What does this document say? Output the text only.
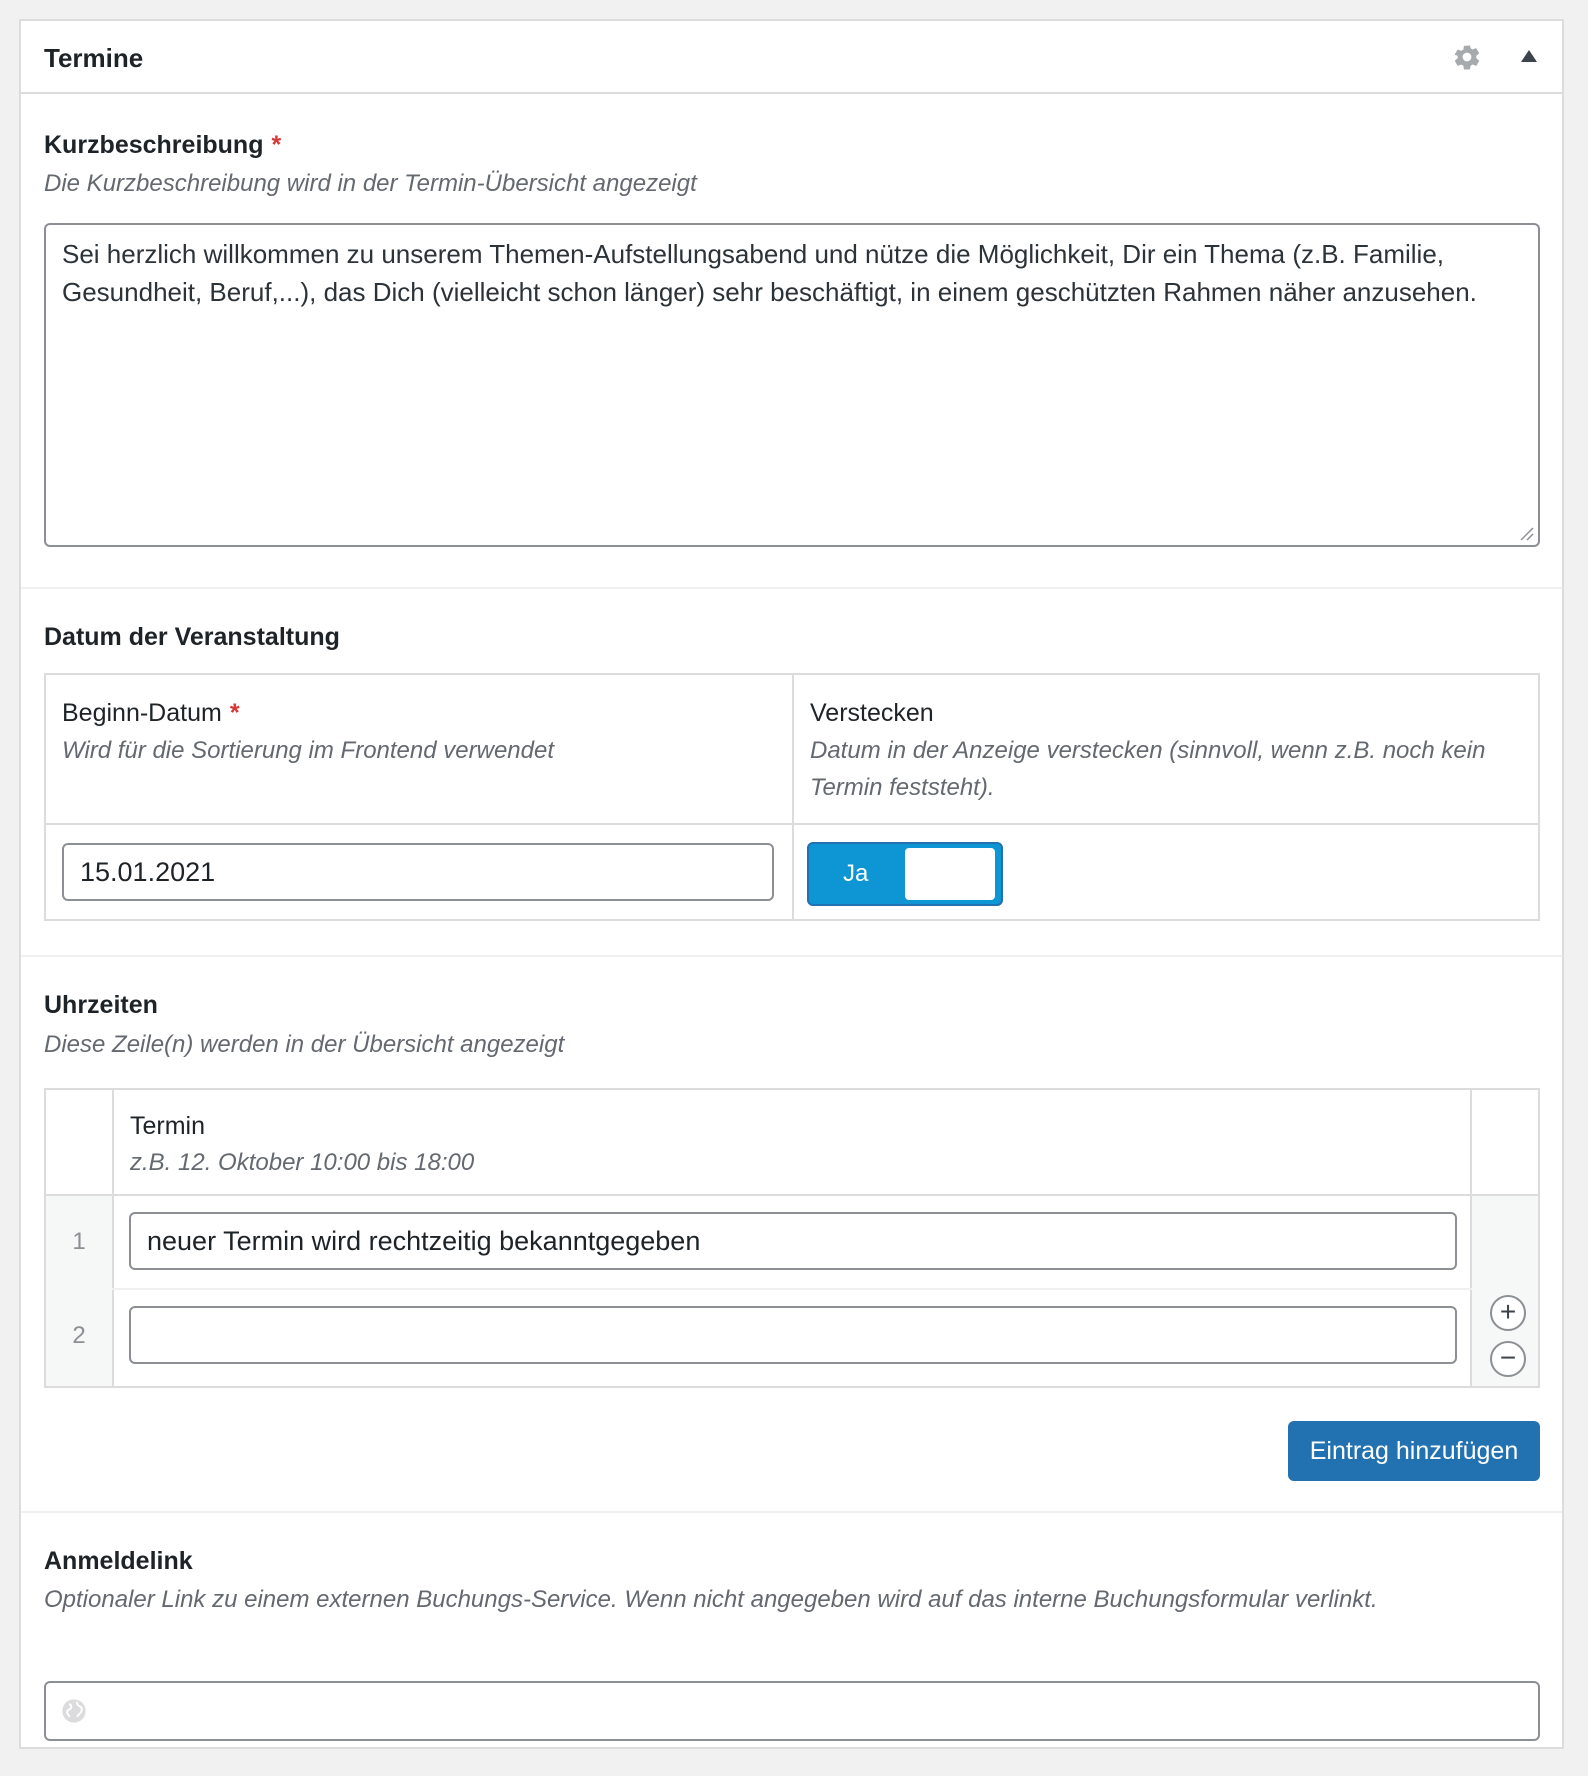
Termine
Kurzbeschreibung *
Die Kurzbeschreibung wird in der Termin-Übersicht angezeigt
Sei herzlich willkommen zu unserem Themen-Aufstellungsabend und nütze die Möglichkeit, Dir ein Thema (z.B. Familie, Gesundheit, Beruf,...), das Dich (vielleicht schon länger) sehr beschäftigt, in einem geschützten Rahmen näher anzusehen.
Datum der Veranstaltung
Beginn-Datum *
Wird für die Sortierung im Frontend verwendet
Verstecken
Datum in der Anzeige verstecken (sinnvoll, wenn z.B. noch kein Termin feststeht).
15.01.2021	Ja
Uhrzeiten
Diese Zeile(n) werden in der Übersicht angezeigt
Termin
z.B. 12. Oktober 10:00 bis 18:00
1	neuer Termin wird rechtzeitig bekanntgegeben
2
+
−
Eintrag hinzufügen
Anmeldelink
Optionaler Link zu einem externen Buchungs-Service. Wenn nicht angegeben wird auf das interne Buchungsformular verlinkt.
